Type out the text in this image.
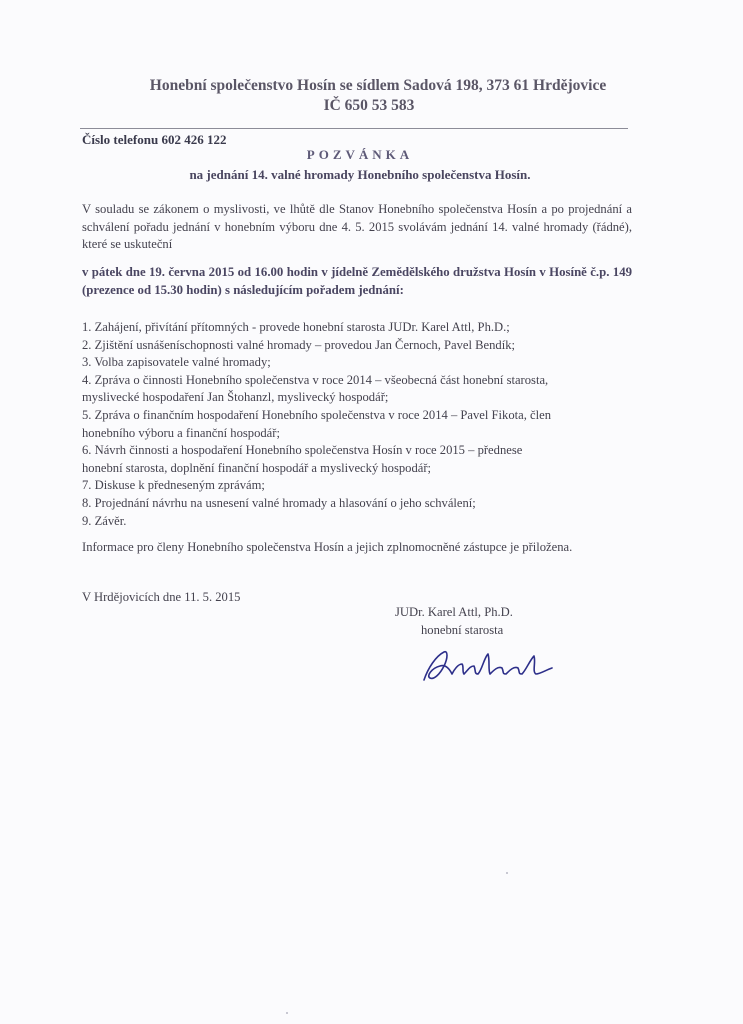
Honební společenstvo Hosín se sídlem Sadová 198, 373 61 Hrdějovice
IČ 650 53 583
Číslo telefonu 602 426 122
POZVÁNKA
na jednání 14. valné hromady Honebního společenstva Hosín.
V souladu se zákonem o myslivosti, ve lhůtě dle Stanov Honebního společenstva Hosín a po projednání a schválení pořadu jednání v honebním výboru dne 4. 5. 2015 svolávám jednání 14. valné hromady (řádné), které se uskuteční
v pátek dne 19. června 2015 od 16.00 hodin v jídelně Zemědělského družstva Hosín v Hosíně č.p. 149 (prezence od 15.30 hodin) s následujícím pořadem jednání:
1. Zahájení, přivítání přítomných - provede honební starosta JUDr. Karel Attl, Ph.D.;
2. Zjištění usnášeníschopnosti valné hromady – provedou Jan Černoch, Pavel Bendík;
3. Volba zapisovatele valné hromady;
4. Zpráva o činnosti Honebního společenstva v roce 2014 – všeobecná část honební starosta,
myslivecké hospodaření Jan Štohanzl, myslivecký hospodář;
5. Zpráva o finančním hospodaření Honebního společenstva v roce 2014 – Pavel Fikota, člen
honebního výboru a finanční hospodář;
6. Návrh činnosti a hospodaření Honebního společenstva Hosín v roce 2015 – přednese
honební starosta, doplnění finanční hospodář a myslivecký hospodář;
7. Diskuse k předneseným zprávám;
8. Projednání návrhu na usnesení valné hromady a hlasování o jeho schválení;
9. Závěr.
Informace pro členy Honebního společenstva Hosín a jejich zplnomocněné zástupce je přiložena.
V Hrdějovicích dne 11. 5. 2015
JUDr. Karel Attl, Ph.D.
honební starosta
